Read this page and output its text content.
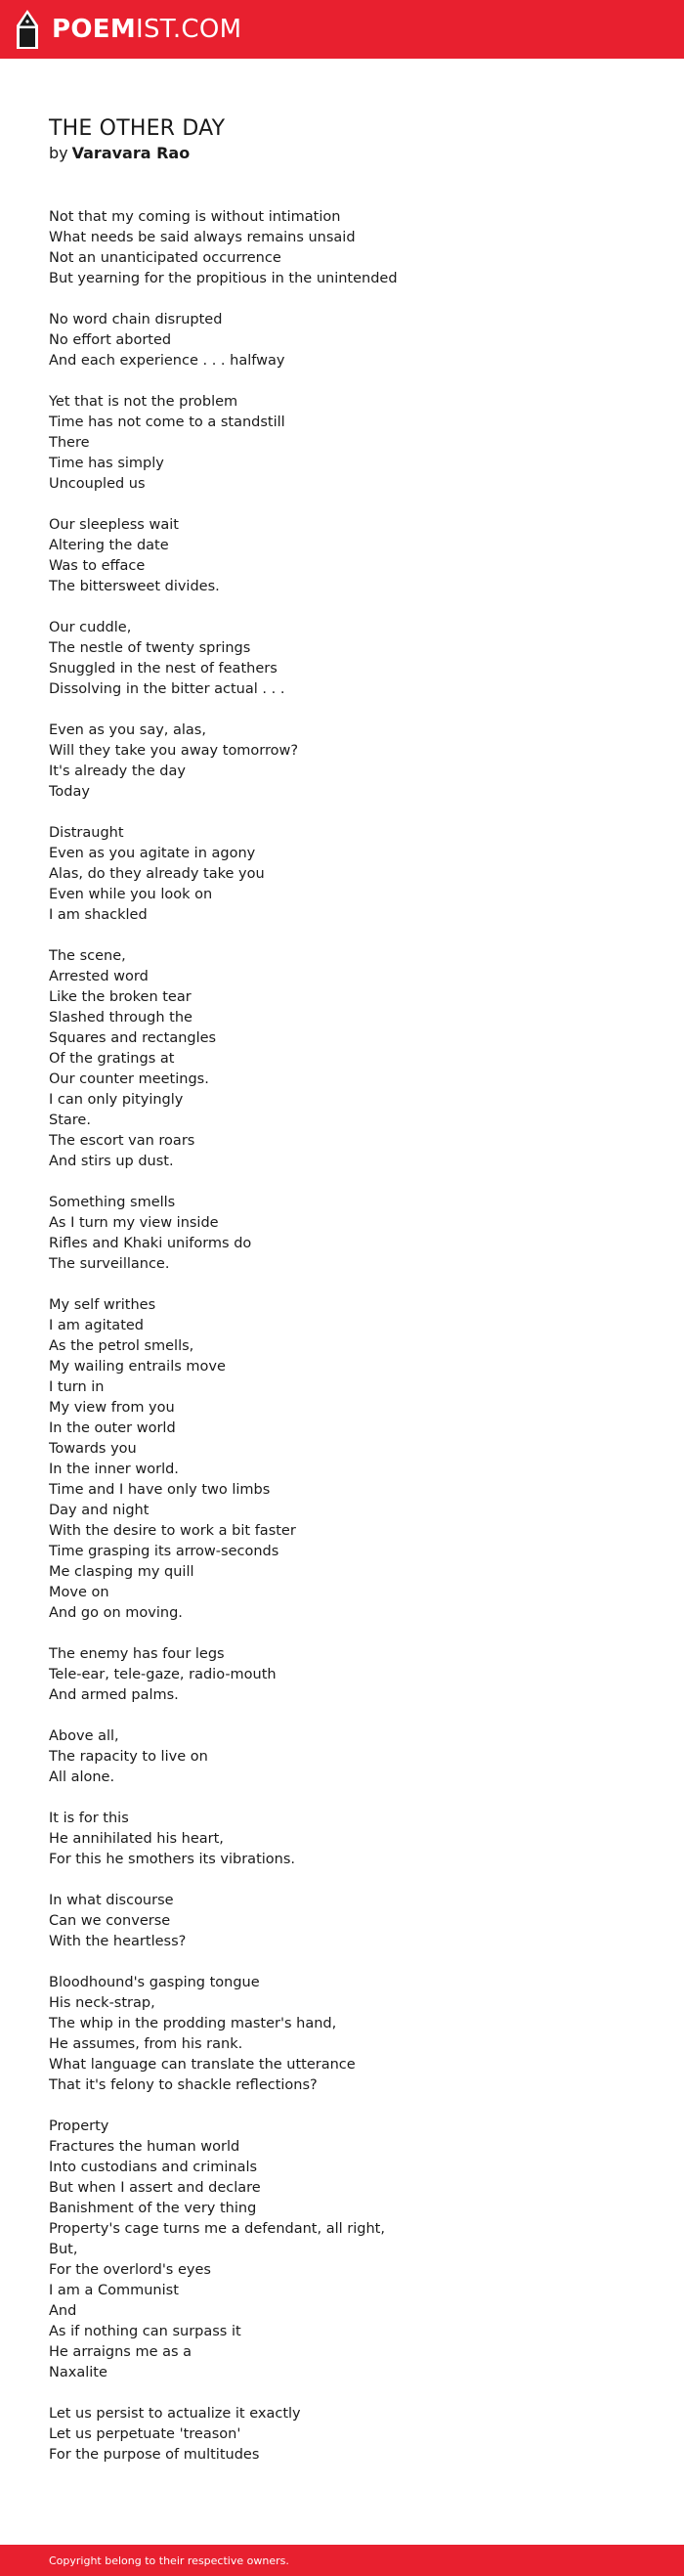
POEMIST.COM
THE OTHER DAY
by Varavara Rao
Not that my coming is without intimation
What needs be said always remains unsaid
Not an unanticipated occurrence
But yearning for the propitious in the unintended
No word chain disrupted
No effort aborted
And each experience . . . halfway
Yet that is not the problem
Time has not come to a standstill
There
Time has simply
Uncoupled us
Our sleepless wait
Altering the date
Was to efface
The bittersweet divides.
Our cuddle,
The nestle of twenty springs
Snuggled in the nest of feathers
Dissolving in the bitter actual . . .
Even as you say, alas,
Will they take you away tomorrow?
It's already the day
Today
Distraught
Even as you agitate in agony
Alas, do they already take you
Even while you look on
I am shackled
The scene,
Arrested word
Like the broken tear
Slashed through the
Squares and rectangles
Of the gratings at
Our counter meetings.
I can only pityingly
Stare.
The escort van roars
And stirs up dust.
Something smells
As I turn my view inside
Rifles and Khaki uniforms do
The surveillance.
My self writhes
I am agitated
As the petrol smells,
My wailing entrails move
I turn in
My view from you
In the outer world
Towards you
In the inner world.
Time and I have only two limbs
Day and night
With the desire to work a bit faster
Time grasping its arrow-seconds
Me clasping my quill
Move on
And go on moving.
The enemy has four legs
Tele-ear, tele-gaze, radio-mouth
And armed palms.
Above all,
The rapacity to live on
All alone.
It is for this
He annihilated his heart,
For this he smothers its vibrations.
In what discourse
Can we converse
With the heartless?
Bloodhound's gasping tongue
His neck-strap,
The whip in the prodding master's hand,
He assumes, from his rank.
What language can translate the utterance
That it's felony to shackle reflections?
Property
Fractures the human world
Into custodians and criminals
But when I assert and declare
Banishment of the very thing
Property's cage turns me a defendant, all right,
But,
For the overlord's eyes
I am a Communist
And
As if nothing can surpass it
He arraigns me as a
Naxalite
Let us persist to actualize it exactly
Let us perpetuate 'treason'
For the purpose of multitudes
Copyright belong to their respective owners.
